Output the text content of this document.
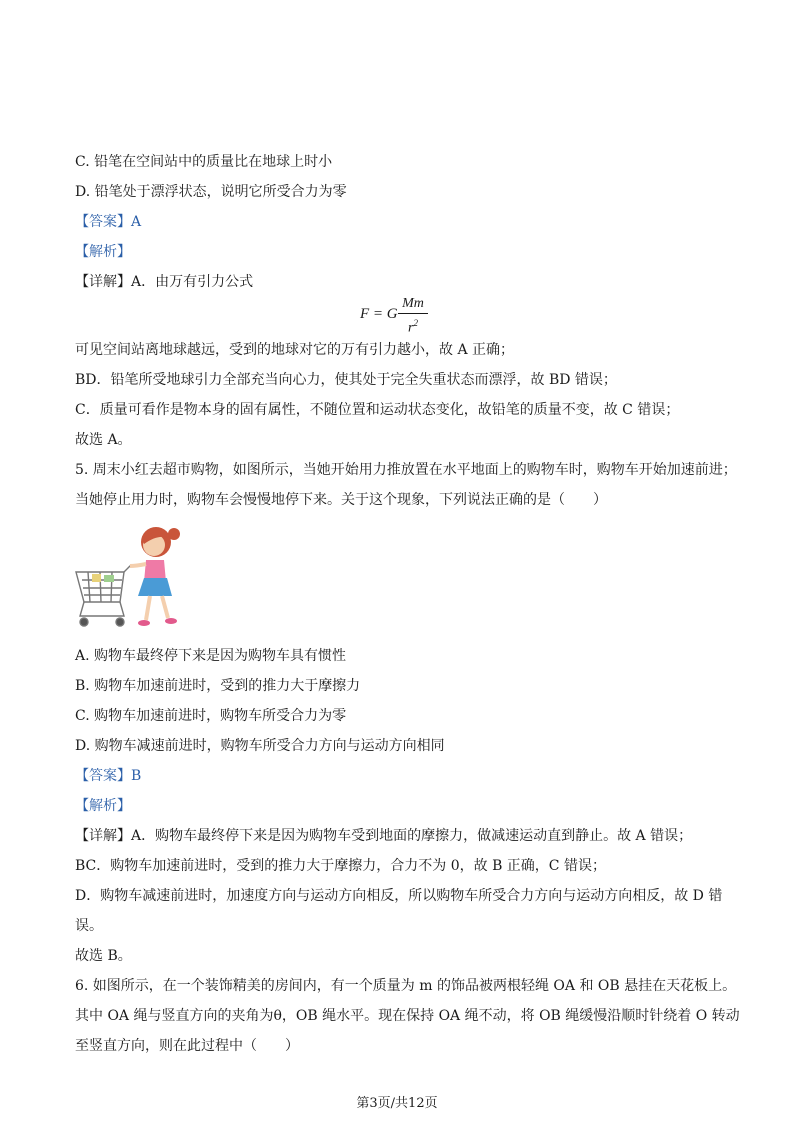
C. 铅笔在空间站中的质量比在地球上时小
D. 铅笔处于漂浮状态，说明它所受合力为零
【答案】A
【解析】
【详解】A．由万有引力公式
F = G
Mm
$r^2$
可见空间站离地球越远，受到的地球对它的万有引力越小，故 A 正确；
BD．铅笔所受地球引力全部充当向心力，使其处于完全失重状态而漂浮，故 BD 错误；
C．质量可看作是物本身的固有属性，不随位置和运动状态变化，故铅笔的质量不变，故 C 错误；
故选 A。
5. 周末小红去超市购物，如图所示，当她开始用力推放置在水平地面上的购物车时，购物车开始加速前进；
当她停止用力时，购物车会慢慢地停下来。关于这个现象，下列说法正确的是（　　）
A. 购物车最终停下来是因为购物车具有惯性
B. 购物车加速前进时，受到的推力大于摩擦力
C. 购物车加速前进时，购物车所受合力为零
D. 购物车减速前进时，购物车所受合力方向与运动方向相同
【答案】B
【解析】
【详解】A．购物车最终停下来是因为购物车受到地面的摩擦力，做减速运动直到静止。故 A 错误；
BC．购物车加速前进时，受到的推力大于摩擦力，合力不为 0，故 B 正确，C 错误；
D．购物车减速前进时，加速度方向与运动方向相反，所以购物车所受合力方向与运动方向相反，故 D 错
误。
故选 B。
6. 如图所示，在一个装饰精美的房间内，有一个质量为 m 的饰品被两根轻绳 OA 和 OB 悬挂在天花板上。
其中 OA 绳与竖直方向的夹角为θ，OB 绳水平。现在保持 OA 绳不动，将 OB 绳缓慢沿顺时针绕着 O 转动
至竖直方向，则在此过程中（　　）
第3页/共12页
